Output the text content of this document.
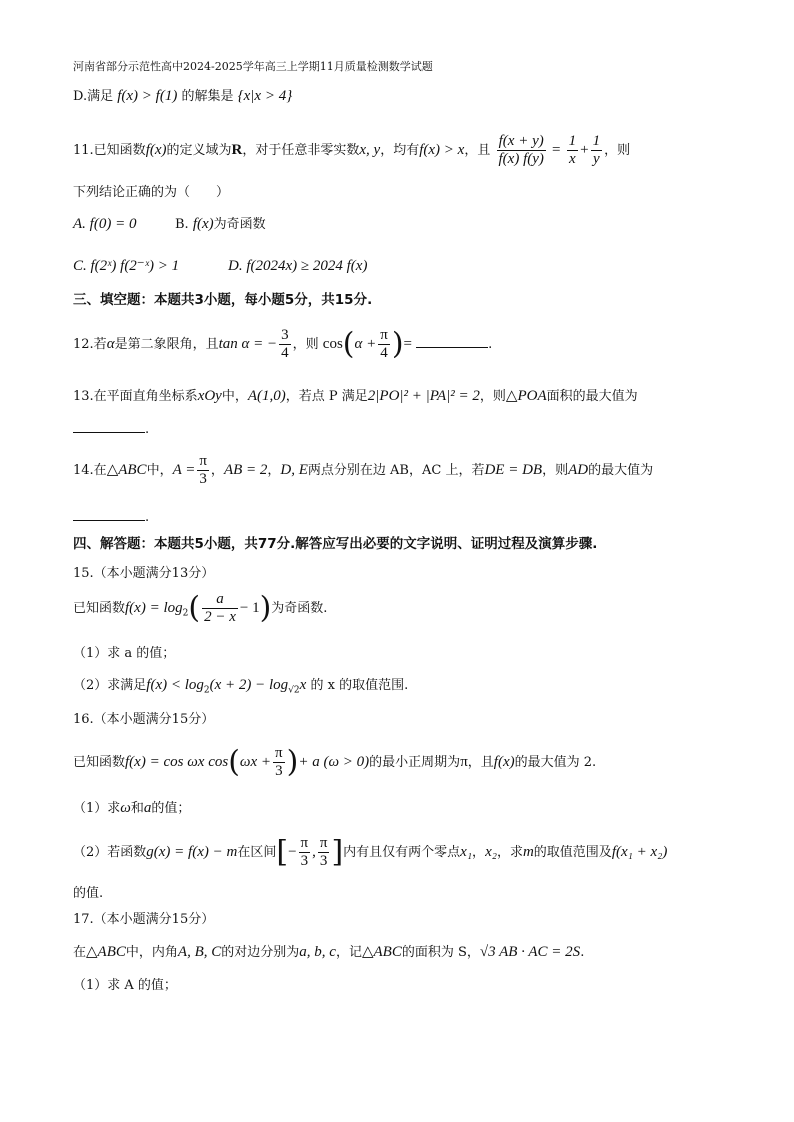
河南省部分示范性高中2024-2025学年高三上学期11月质量检测数学试题
D.满足 f(x) > f(1) 的解集是 {x|x > 4}
11.已知函数f(x)的定义域为R，对于任意非零实数x, y，均有f(x) > x，且 $\frac{f(x + y)}{f(x) f(y)} = \frac{1}{x} + \frac{1}{y}$ ，则
下列结论正确的为（　　）
A. f(0) = 0	B. f(x)为奇函数
C. f(2ˣ) f(2⁻ˣ) > 1	D. f(2024x) ≥ 2024 f(x)
三、填空题：本题共3小题，每小题5分，共15分.
12.若α是第二象限角，且tan α = − $\frac{3}{4}$ ，则 $\cos(\alpha + \frac{\pi}{4}$ )=	.
13.在平面直角坐标系xOy中，A(1,0)，若点 P 满足2|PO|² + |PA|² = 2，则△POA面积的最大值为
.
14.在△ABC中，$A = \frac{\pi}{3}$ ，AB = 2，D, E两点分别在边 AB，AC 上，若DE = DB，则AD的最大值为
.
四、解答题：本题共5小题，共77分.解答应写出必要的文字说明、证明过程及演算步骤.
15.（本小题满分13分）
已知函数$f(x) = \log_2( \frac{a}{2 - x} - 1)$为奇函数.
（1）求 a 的值；
（2）求满足$f(x) < \log_2(x + 2) - \log_{√2}x$ 的 x 的取值范围.
16.（本小题满分15分）
已知函数f(x) = cos ωx $\cos(\omega x + \frac{\pi}{3}$ )+ a (ω > 0)的最小正周期为π，且f(x)的最大值为 2.
（1）求ω和a的值；
（2）若函数g(x) = f(x) − m在区间[− $\frac{\pi}{3}$ , $\frac{\pi}{3}$ ]内有且仅有两个零点x₁，x₂，求m的取值范围及f(x₁ + x₂)
的值.
17.（本小题满分15分）
在△ABC中，内角A, B, C的对边分别为a, b, c，记△ABC的面积为 S，√3 AB · AC = 2S.
（1）求 A 的值；
